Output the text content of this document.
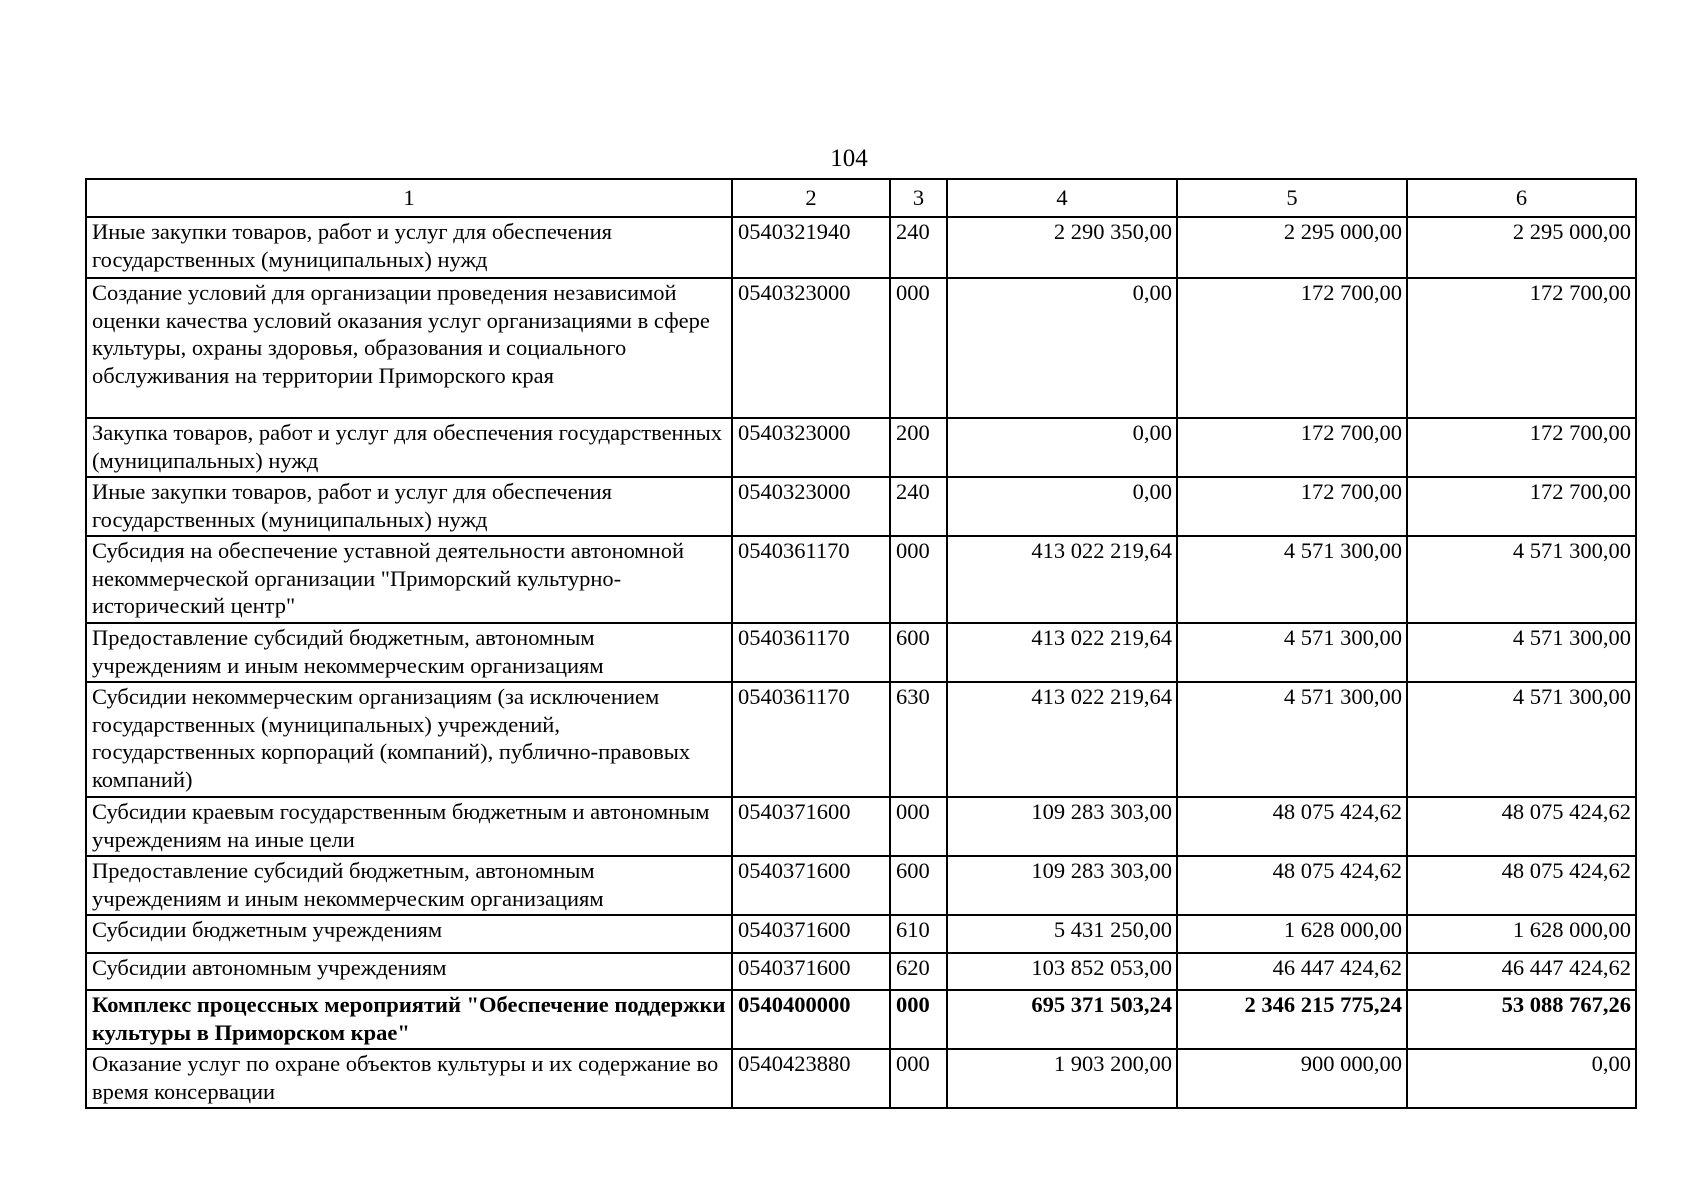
104
1	2	3	4	5	6
Иные закупки товаров, работ и услуг для обеспечения государственных (муниципальных) нужд	0540321940	240	2 290 350,00	2 295 000,00	2 295 000,00
Создание условий для организации проведения независимой оценки качества условий оказания услуг организациями в сфере культуры, охраны здоровья, образования и социального обслуживания на территории Приморского края	0540323000	000	0,00	172 700,00	172 700,00
Закупка товаров, работ и услуг для обеспечения государственных (муниципальных) нужд	0540323000	200	0,00	172 700,00	172 700,00
Иные закупки товаров, работ и услуг для обеспечения государственных (муниципальных) нужд	0540323000	240	0,00	172 700,00	172 700,00
Субсидия на обеспечение уставной деятельности автономной некоммерческой организации "Приморский культурно-исторический центр"	0540361170	000	413 022 219,64	4 571 300,00	4 571 300,00
Предоставление субсидий бюджетным, автономным учреждениям и иным некоммерческим организациям	0540361170	600	413 022 219,64	4 571 300,00	4 571 300,00
Субсидии некоммерческим организациям (за исключением государственных (муниципальных) учреждений, государственных корпораций (компаний), публично-правовых компаний)	0540361170	630	413 022 219,64	4 571 300,00	4 571 300,00
Субсидии краевым государственным бюджетным и автономным учреждениям на иные цели	0540371600	000	109 283 303,00	48 075 424,62	48 075 424,62
Предоставление субсидий бюджетным, автономным учреждениям и иным некоммерческим организациям	0540371600	600	109 283 303,00	48 075 424,62	48 075 424,62
Субсидии бюджетным учреждениям	0540371600	610	5 431 250,00	1 628 000,00	1 628 000,00
Субсидии автономным учреждениям	0540371600	620	103 852 053,00	46 447 424,62	46 447 424,62
Комплекс процессных мероприятий "Обеспечение поддержки культуры в Приморском крае"	0540400000	000	695 371 503,24	2 346 215 775,24	53 088 767,26
Оказание услуг по охране объектов культуры и их содержание во время консервации	0540423880	000	1 903 200,00	900 000,00	0,00
